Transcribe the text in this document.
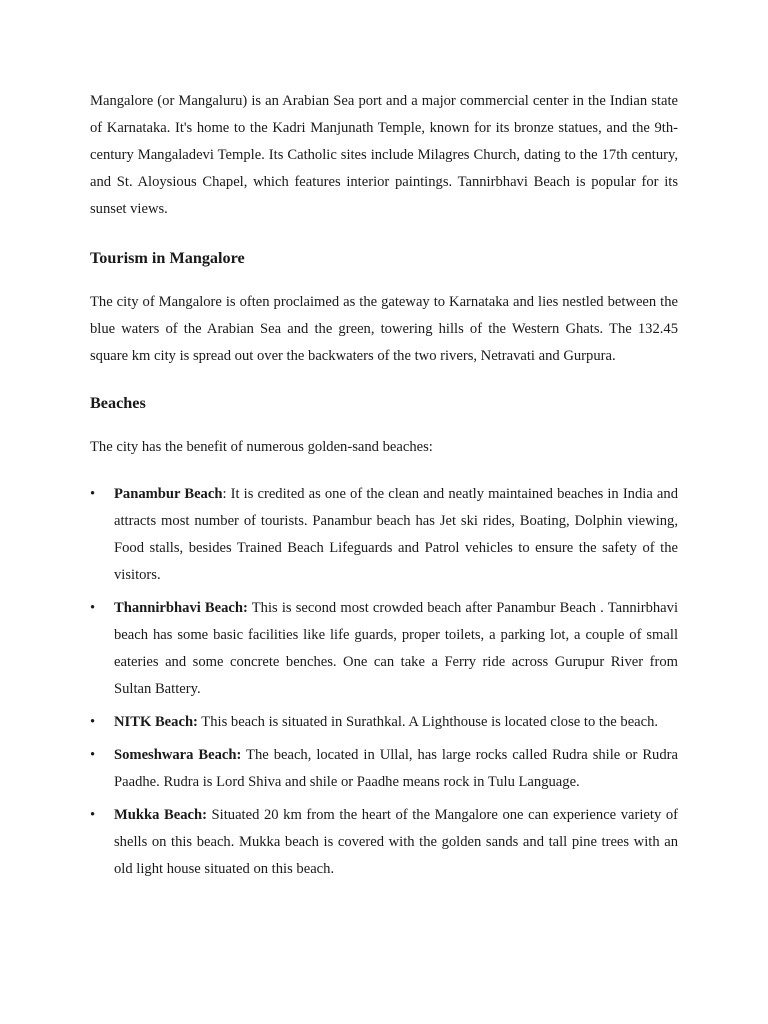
Mangalore (or Mangaluru) is an Arabian Sea port and a major commercial center in the Indian state of Karnataka. It's home to the Kadri Manjunath Temple, known for its bronze statues, and the 9th-century Mangaladevi Temple. Its Catholic sites include Milagres Church, dating to the 17th century, and St. Aloysious Chapel, which features interior paintings. Tannirbhavi Beach is popular for its sunset views.

Tourism in Mangalore

The city of Mangalore is often proclaimed as the gateway to Karnataka and lies nestled between the blue waters of the Arabian Sea and the green, towering hills of the Western Ghats. The 132.45 square km city is spread out over the backwaters of the two rivers, Netravati and Gurpura.

Beaches

The city has the benefit of numerous golden-sand beaches:

•	Panambur Beach: It is credited as one of the clean and neatly maintained beaches in India and attracts most number of tourists. Panambur beach has Jet ski rides, Boating, Dolphin viewing, Food stalls, besides Trained Beach Lifeguards and Patrol vehicles to ensure the safety of the visitors.
•	Thannirbhavi Beach: This is second most crowded beach after Panambur Beach . Tannirbhavi beach has some basic facilities like life guards, proper toilets, a parking lot, a couple of small eateries and some concrete benches. One can take a Ferry ride across Gurupur River from Sultan Battery.
•	NITK Beach: This beach is situated in Surathkal. A Lighthouse is located close to the beach.
•	Someshwara Beach: The beach, located in Ullal, has large rocks called Rudra shile or Rudra Paadhe. Rudra is Lord Shiva and shile or Paadhe means rock in Tulu Language.
•	Mukka Beach: Situated 20 km from the heart of the Mangalore one can experience variety of shells on this beach. Mukka beach is covered with the golden sands and tall pine trees with an old light house situated on this beach.
